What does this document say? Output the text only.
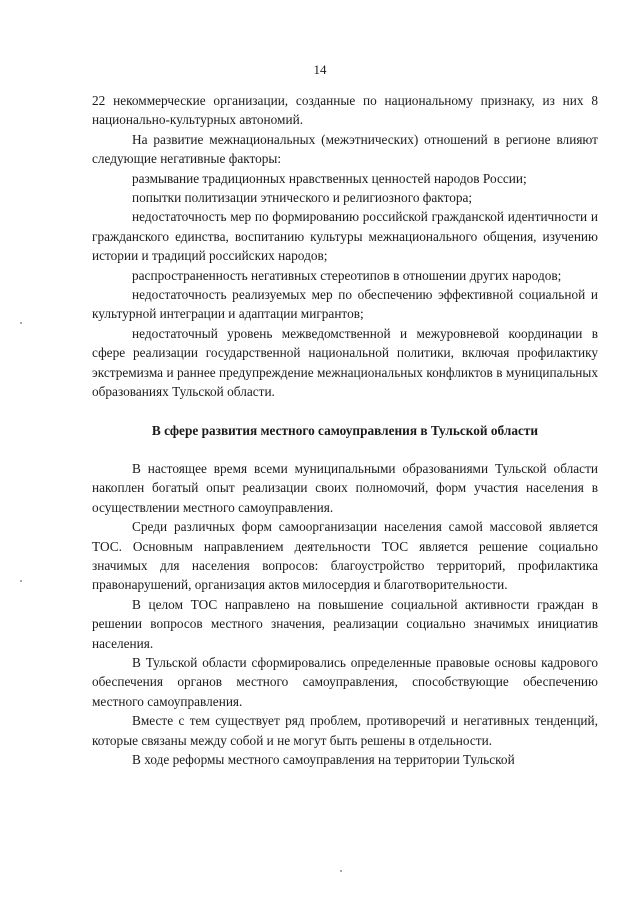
14

22 некоммерческие организации, созданные по национальному признаку, из них 8 национально-культурных автономий.

На развитие межнациональных (межэтнических) отношений в регионе влияют следующие негативные факторы:

размывание традиционных нравственных ценностей народов России;

попытки политизации этнического и религиозного фактора;

недостаточность мер по формированию российской гражданской идентичности и гражданского единства, воспитанию культуры межнационального общения, изучению истории и традиций российских народов;

распространенность негативных стереотипов в отношении других народов;

недостаточность реализуемых мер по обеспечению эффективной социальной и культурной интеграции и адаптации мигрантов;

недостаточный уровень межведомственной и межуровневой координации в сфере реализации государственной национальной политики, включая профилактику экстремизма и раннее предупреждение межнациональных конфликтов в муниципальных образованиях Тульской области.

В сфере развития местного самоуправления в Тульской области

В настоящее время всеми муниципальными образованиями Тульской области накоплен богатый опыт реализации своих полномочий, форм участия населения в осуществлении местного самоуправления.

Среди различных форм самоорганизации населения самой массовой является ТОС. Основным направлением деятельности ТОС является решение социально значимых для населения вопросов: благоустройство территорий, профилактика правонарушений, организация актов милосердия и благотворительности.

В целом ТОС направлено на повышение социальной активности граждан в решении вопросов местного значения, реализации социально значимых инициатив населения.

В Тульской области сформировались определенные правовые основы кадрового обеспечения органов местного самоуправления, способствующие обеспечению местного самоуправления.

Вместе с тем существует ряд проблем, противоречий и негативных тенденций, которые связаны между собой и не могут быть решены в отдельности.

В ходе реформы местного самоуправления на территории Тульской
